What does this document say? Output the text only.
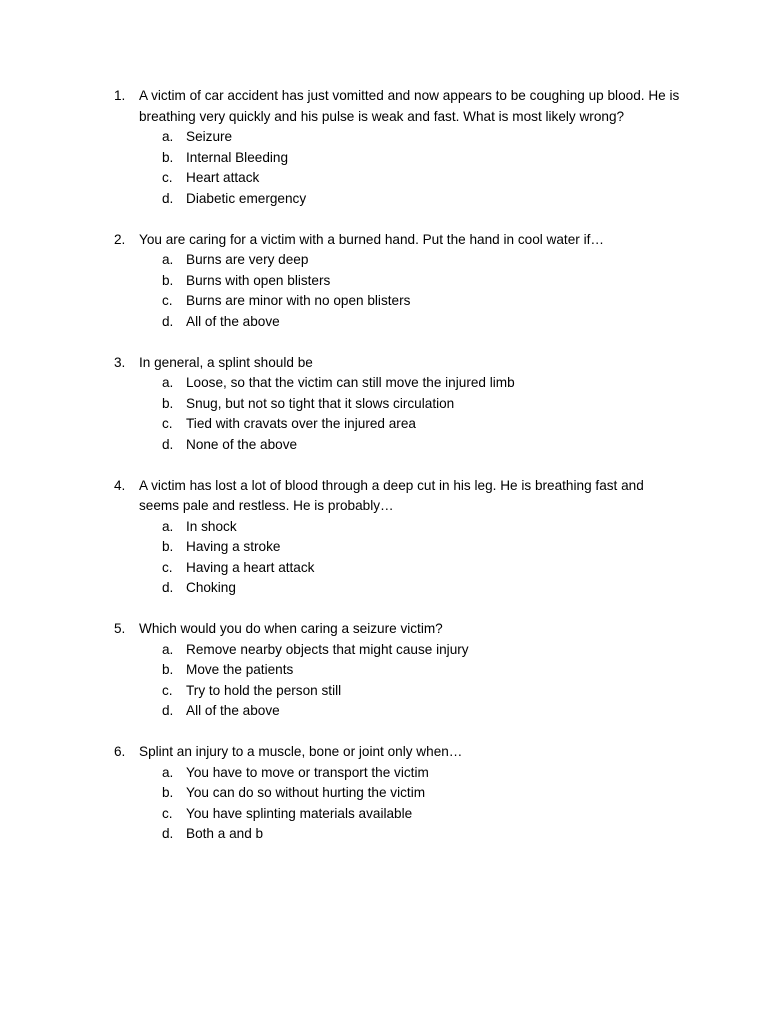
1.	A victim of car accident has just vomitted and now appears to be coughing up blood. He is breathing very quickly and his pulse is weak and fast. What is most likely wrong?
a. Seizure
b. Internal Bleeding
c. Heart attack
d. Diabetic emergency
2.	You are caring for a victim with a burned hand. Put the hand in cool water if…
a. Burns are very deep
b. Burns with open blisters
c. Burns are minor with no open blisters
d. All of the above
3.	In general, a splint should be
a. Loose, so that the victim can still move the injured limb
b. Snug, but not so tight that it slows circulation
c. Tied with cravats over the injured area
d. None of the above
4.	A victim has lost a lot of blood through a deep cut in his leg. He is breathing fast and seems pale and restless. He is probably…
a. In shock
b. Having a stroke
c. Having a heart attack
d. Choking
5.	Which would you do when caring a seizure victim?
a. Remove nearby objects that might cause injury
b. Move the patients
c. Try to hold the person still
d. All of the above
6.	Splint an injury to a muscle, bone or joint only when…
a. You have to move or transport the victim
b. You can do so without hurting the victim
c. You have splinting materials available
d. Both a and b
